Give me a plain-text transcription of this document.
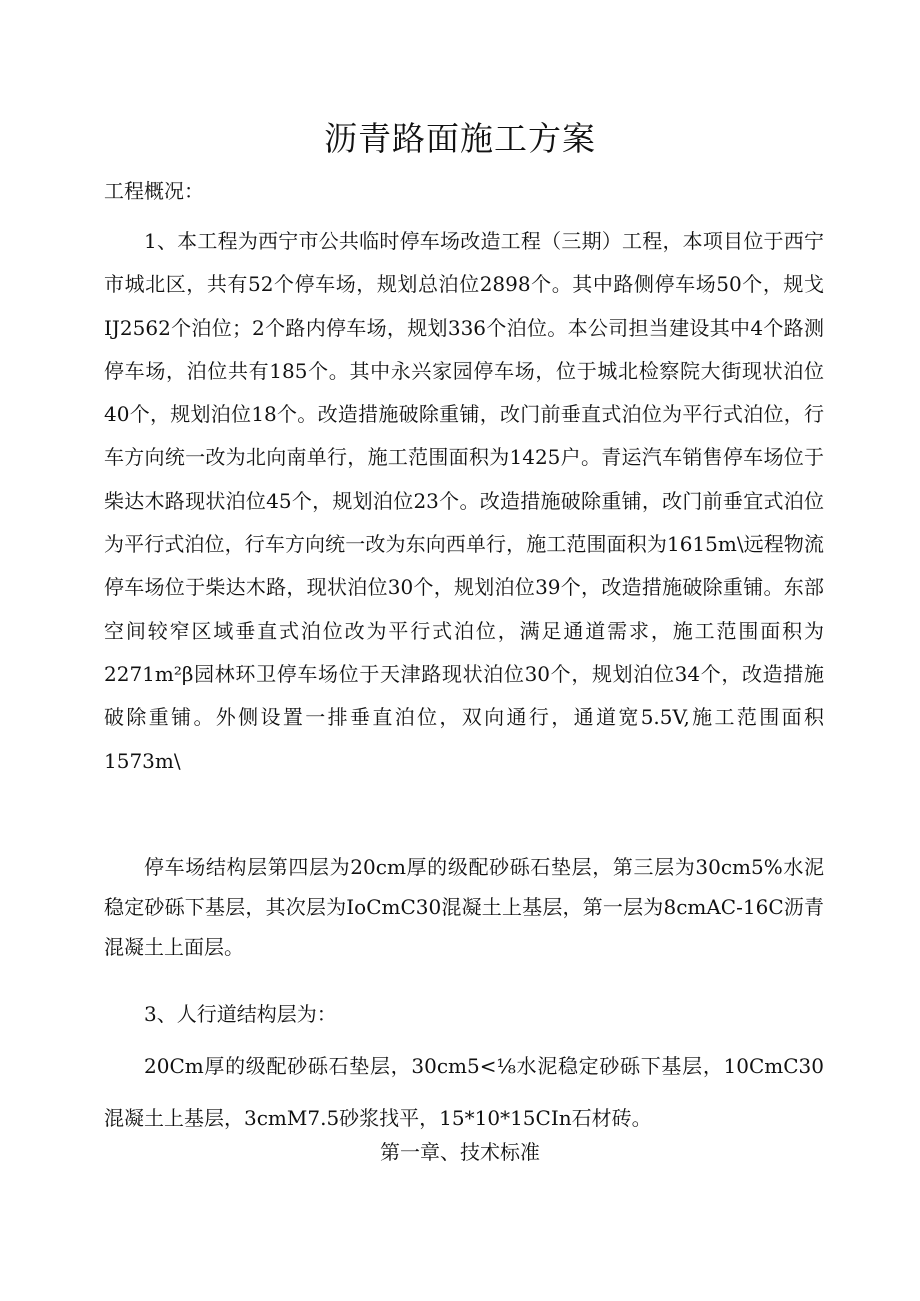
沥青路面施工方案
工程概况：

1、本工程为西宁市公共临时停车场改造工程（三期）工程，本项目位于西宁市城北区，共有52个停车场，规划总泊位2898个。其中路侧停车场50个，规戈IJ2562个泊位；2个路内停车场，规划336个泊位。本公司担当建设其中4个路测停车场，泊位共有185个。其中永兴家园停车场，位于城北检察院大街现状泊位40个，规划泊位18个。改造措施破除重铺，改门前垂直式泊位为平行式泊位，行车方向统一改为北向南单行，施工范围面积为1425户。青运汽车销售停车场位于柴达木路现状泊位45个，规划泊位23个。改造措施破除重铺，改门前垂宜式泊位为平行式泊位，行车方向统一改为东向西单行，施工范围面积为1615m\远程物流停车场位于柴达木路，现状泊位30个，规划泊位39个，改造措施破除重铺。东部空间较窄区域垂直式泊位改为平行式泊位，满足通道需求，施工范围面积为2271m²β园林环卫停车场位于天津路现状泊位30个，规划泊位34个，改造措施破除重铺。外侧设置一排垂直泊位，双向通行，通道宽5.5V,施工范围面积1573m\

停车场结构层第四层为20cm厚的级配砂砾石垫层，第三层为30cm5%水泥稳定砂砾下基层，其次层为IoCmC30混凝土上基层，第一层为8cmAC-16C沥青混凝土上面层。

3、人行道结构层为：

20Cm厚的级配砂砾石垫层，30cm5<⅛水泥稳定砂砾下基层，10CmC30混凝土上基层，3cmM7.5砂浆找平，15*10*15CIn石材砖。

第一章、技术标准
